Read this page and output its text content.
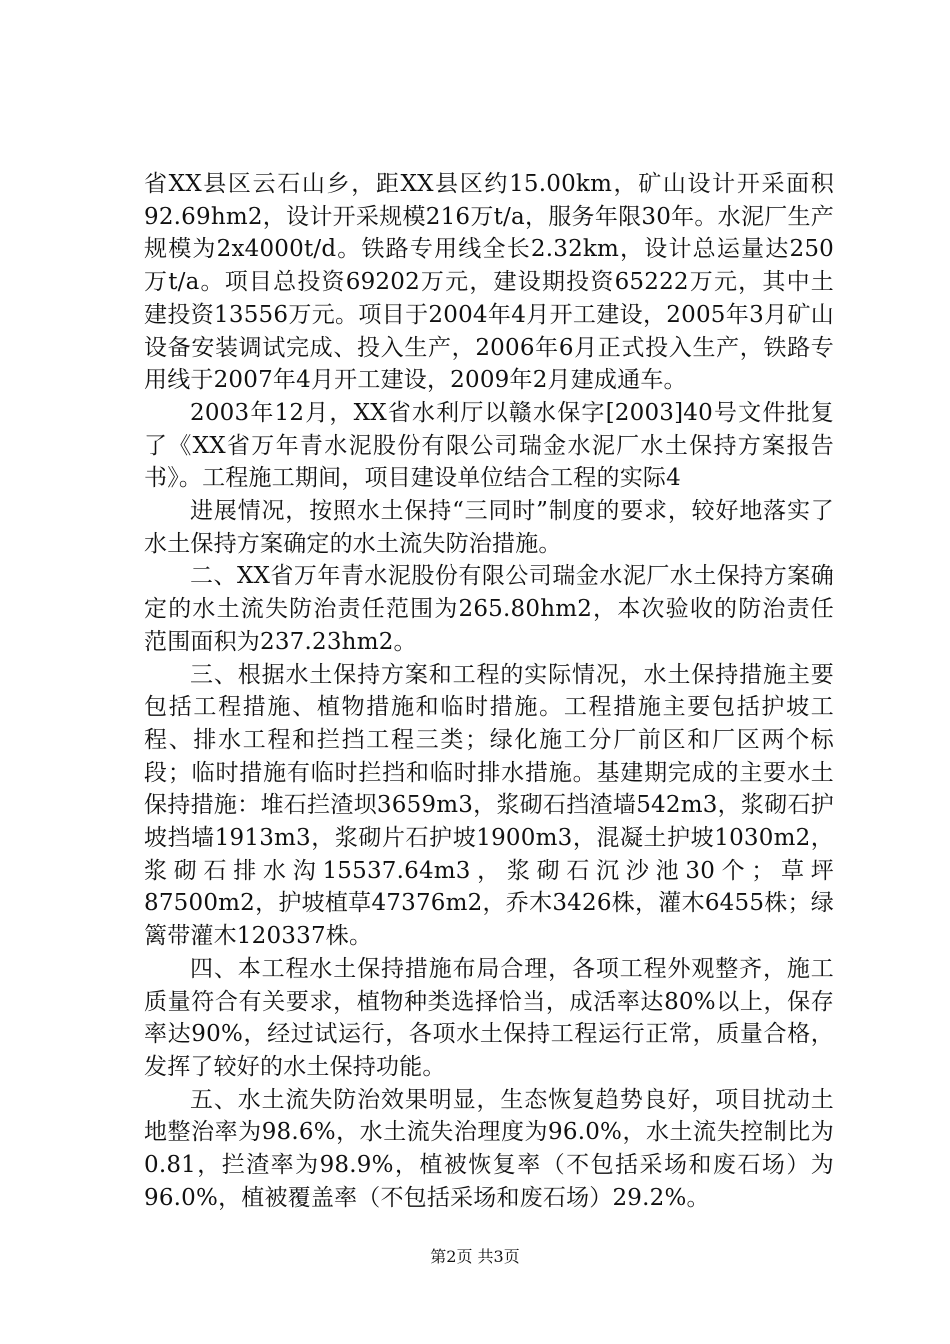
省XX县区云石山乡，距XX县区约15.00km，矿山设计开采面积92.69hm2，设计开采规模216万t/a，服务年限30年。水泥厂生产规模为2x4000t/d。铁路专用线全长2.32km，设计总运量达250万t/a。项目总投资69202万元，建设期投资65222万元，其中土建投资13556万元。项目于2004年4月开工建设，2005年3月矿山设备安装调试完成、投入生产，2006年6月正式投入生产，铁路专用线于2007年4月开工建设，2009年2月建成通车。

2003年12月，XX省水利厅以赣水保字[2003]40号文件批复了《XX省万年青水泥股份有限公司瑞金水泥厂水土保持方案报告书》。工程施工期间，项目建设单位结合工程的实际4

进展情况，按照水土保持“三同时”制度的要求，较好地落实了水土保持方案确定的水土流失防治措施。

二、XX省万年青水泥股份有限公司瑞金水泥厂水土保持方案确定的水土流失防治责任范围为265.80hm2，本次验收的防治责任范围面积为237.23hm2。

三、根据水土保持方案和工程的实际情况，水土保持措施主要包括工程措施、植物措施和临时措施。工程措施主要包括护坡工程、排水工程和拦挡工程三类；绿化施工分厂前区和厂区两个标段；临时措施有临时拦挡和临时排水措施。基建期完成的主要水土保持措施：堆石拦渣坝3659m3，浆砌石挡渣墙542m3，浆砌石护坡挡墙1913m3，浆砌片石护坡1900m3，混凝土护坡1030m2，浆砌石排水沟15537.64m3，浆砌石沉沙池30个；草坪87500m2，护坡植草47376m2，乔木3426株，灌木6455株；绿篱带灌木120337株。

四、本工程水土保持措施布局合理，各项工程外观整齐，施工质量符合有关要求，植物种类选择恰当，成活率达80%以上，保存率达90%，经过试运行，各项水土保持工程运行正常，质量合格，发挥了较好的水土保持功能。

五、水土流失防治效果明显，生态恢复趋势良好，项目扰动土地整治率为98.6%，水土流失治理度为96.0%，水土流失控制比为0.81，拦渣率为98.9%，植被恢复率（不包括采场和废石场）为96.0%，植被覆盖率（不包括采场和废石场）29.2%。

第2页 共3页
